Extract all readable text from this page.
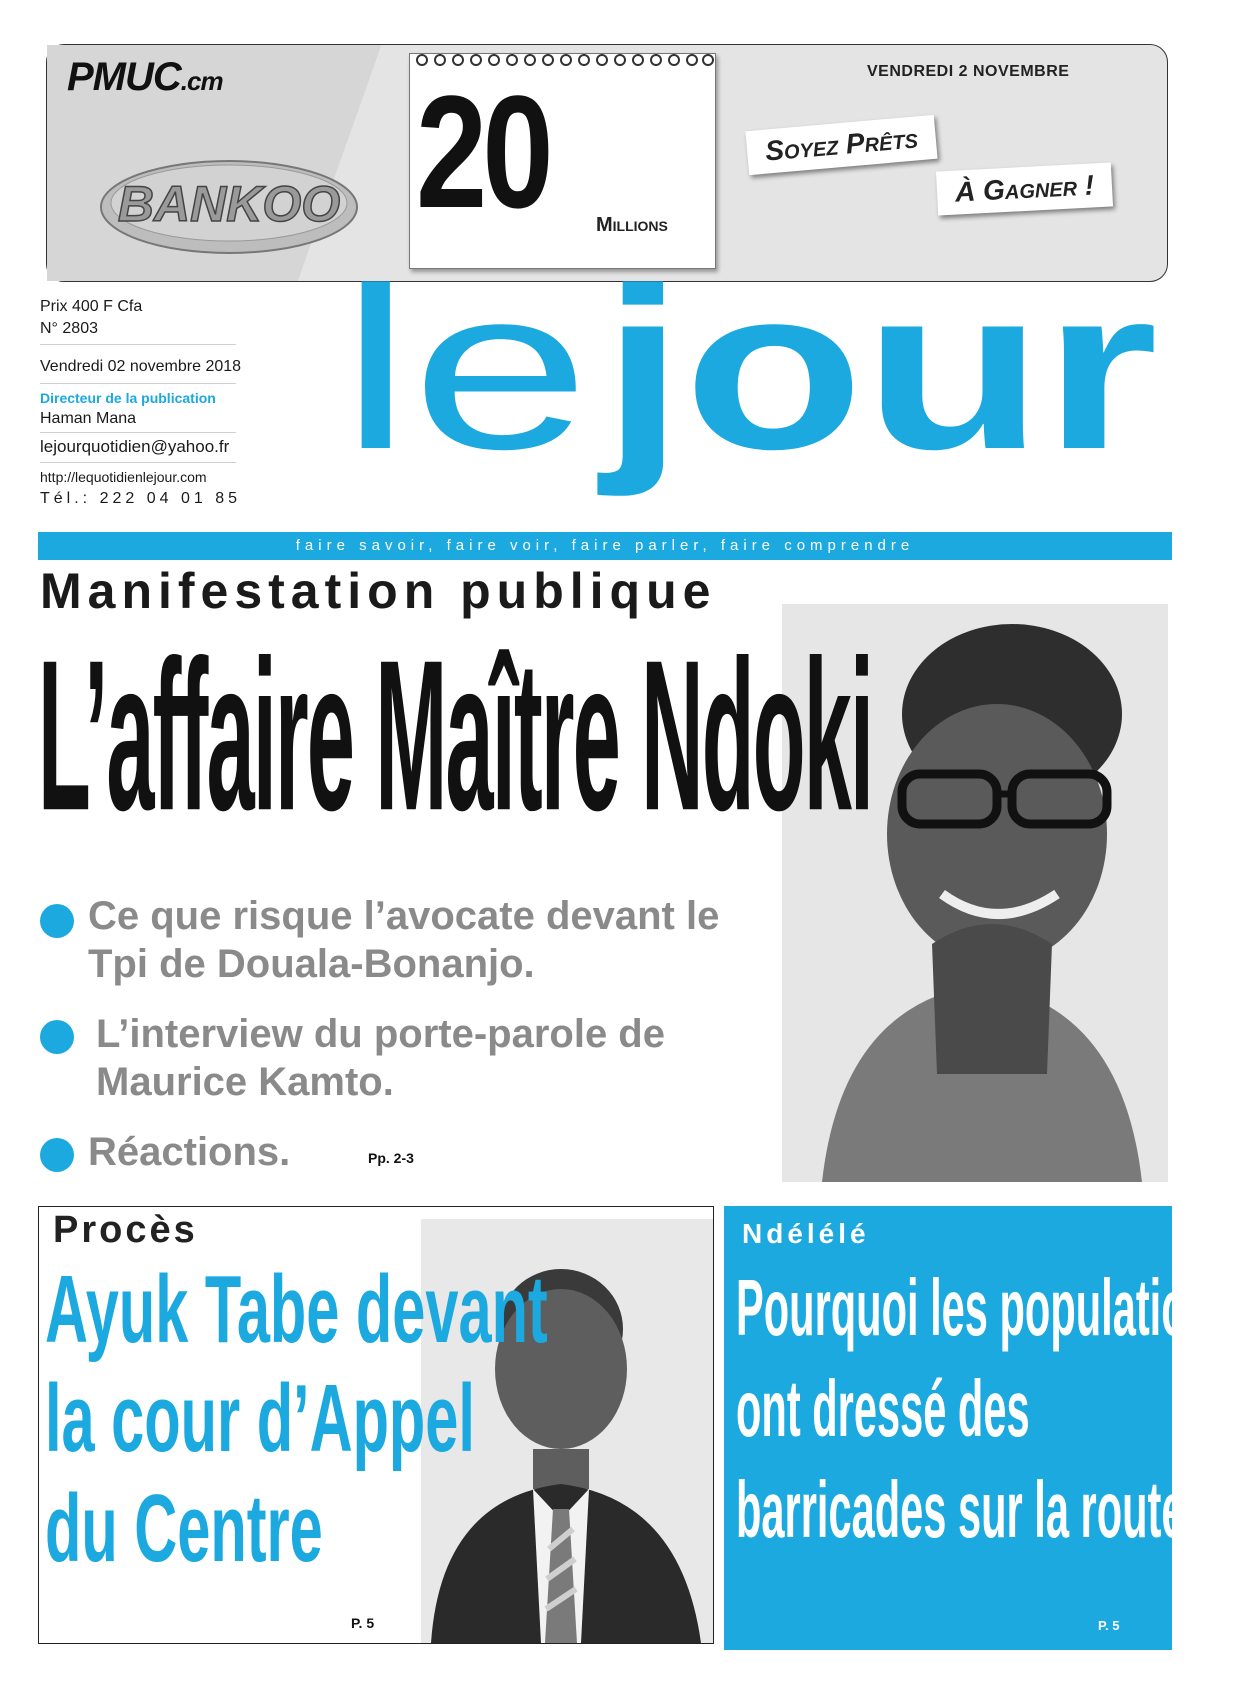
PMUC.cm
BANKOO 20 Millions
VENDREDI 2 NOVEMBRE
Soyez Prêts
À Gagner !
Prix 400 F Cfa
N° 2803
Vendredi 02 novembre 2018
Directeur de la publication
Haman Mana
lejourquotidien@yahoo.fr
http://lequotidienlejour.com
Tél.: 222 04 01 85
le jour
faire savoir, faire voir, faire parler, faire comprendre
Manifestation publique
L’affaire Maître Ndoki
Ce que risque l’avocate devant le
Tpi de Douala-Bonanjo.
L’interview du porte-parole de
Maurice Kamto.
Réactions.	Pp. 2-3
Procès
Ayuk Tabe devant
la cour d’Appel
du Centre
P. 5
Ndélélé
Pourquoi les populations
ont dressé des
barricades sur la route
P. 5
